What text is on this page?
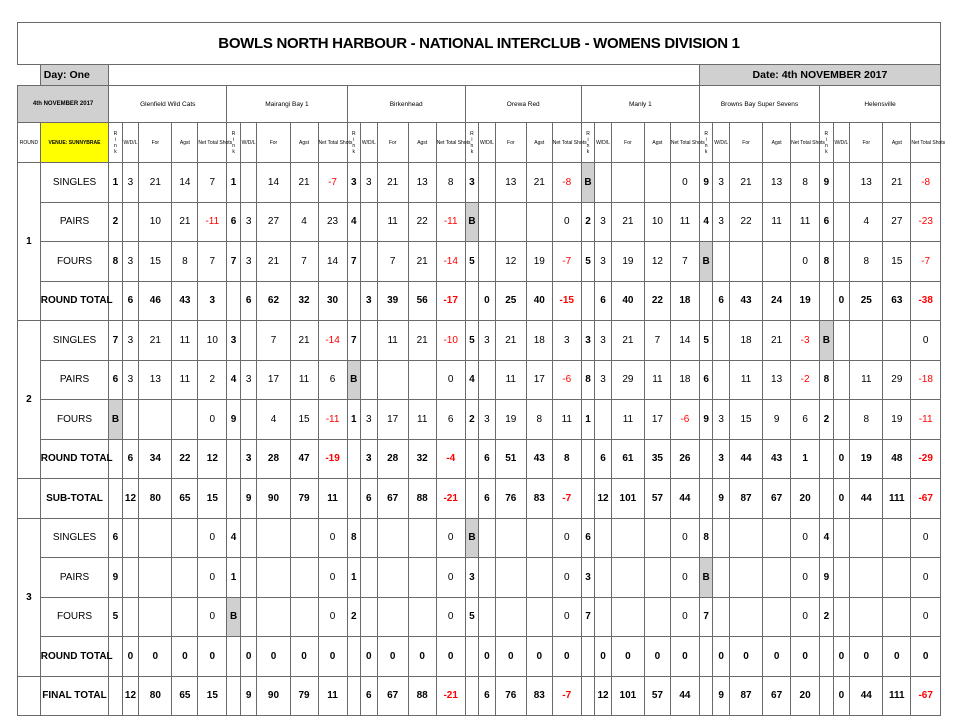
BOWLS NORTH HARBOUR - NATIONAL INTERCLUB - WOMENS DIVISION 1																																				
	Day: One																										Date: 4th NOVEMBER 2017									
4th NOVEMBER 2017		Glenfield Wild Cats					Mairangi Bay 1					Birkenhead					Orewa Red					Manly 1					Browns Bay Super Sevens					Helensville				
ROUND	VENUE: SUNNYBRAE	R
i
n
k	W/D/L	For	Agst	Net Total Shots	R
i
n
k	W/D/L	For	Agst	Net Total Shots	R
i
n
k	W/D/L	For	Agst	Net Total Shots	R
i
n
k	W/D/L	For	Agst	Net Total Shots	R
i
n
k	W/D/L	For	Agst	Net Total Shots	R
i
n
k	W/D/L	For	Agst	Net Total Shots	R
i
n
k	W/D/L	For	Agst	Net Total Shots
1	SINGLES	1	3	21	14	7	1		14	21	-7	3	3	21	13	8	3		13	21	-8	B				0	9	3	21	13	8	9		13	21	-8
	PAIRS	2		10	21	-11	6	3	27	4	23	4		11	22	-11	B				0	2	3	21	10	11	4	3	22	11	11	6		4	27	-23
	FOURS	8	3	15	8	7	7	3	21	7	14	7		7	21	-14	5		12	19	-7	5	3	19	12	7	B				0	8		8	15	-7
	ROUND TOTAL		6	46	43	3		6	62	32	30		3	39	56	-17		0	25	40	-15		6	40	22	18		6	43	24	19		0	25	63	-38
2	SINGLES	7	3	21	11	10	3		7	21	-14	7		11	21	-10	5	3	21	18	3	3	3	21	7	14	5		18	21	-3	B				0
	PAIRS	6	3	13	11	2	4	3	17	11	6	B				0	4		11	17	-6	8	3	29	11	18	6		11	13	-2	8		11	29	-18
	FOURS	B				0	9		4	15	-11	1	3	17	11	6	2	3	19	8	11	1		11	17	-6	9	3	15	9	6	2		8	19	-11
	ROUND TOTAL		6	34	22	12		3	28	47	-19		3	28	32	-4		6	51	43	8		6	61	35	26		3	44	43	1		0	19	48	-29
	SUB-TOTAL		12	80	65	15		9	90	79	11		6	67	88	-21		6	76	83	-7		12	101	57	44		9	87	67	20		0	44	111	-67
3	SINGLES	6				0	4				0	8				0	B				0	6				0	8				0	4				0
	PAIRS	9				0	1				0	1				0	3				0	3				0	B				0	9				0
	FOURS	5				0	B				0	2				0	5				0	7				0	7				0	2				0
	ROUND TOTAL		0	0	0	0		0	0	0	0		0	0	0	0		0	0	0	0		0	0	0	0		0	0	0	0		0	0	0	0
	FINAL TOTAL		12	80	65	15		9	90	79	11		6	67	88	-21		6	76	83	-7		12	101	57	44		9	87	67	20		0	44	111	-67
